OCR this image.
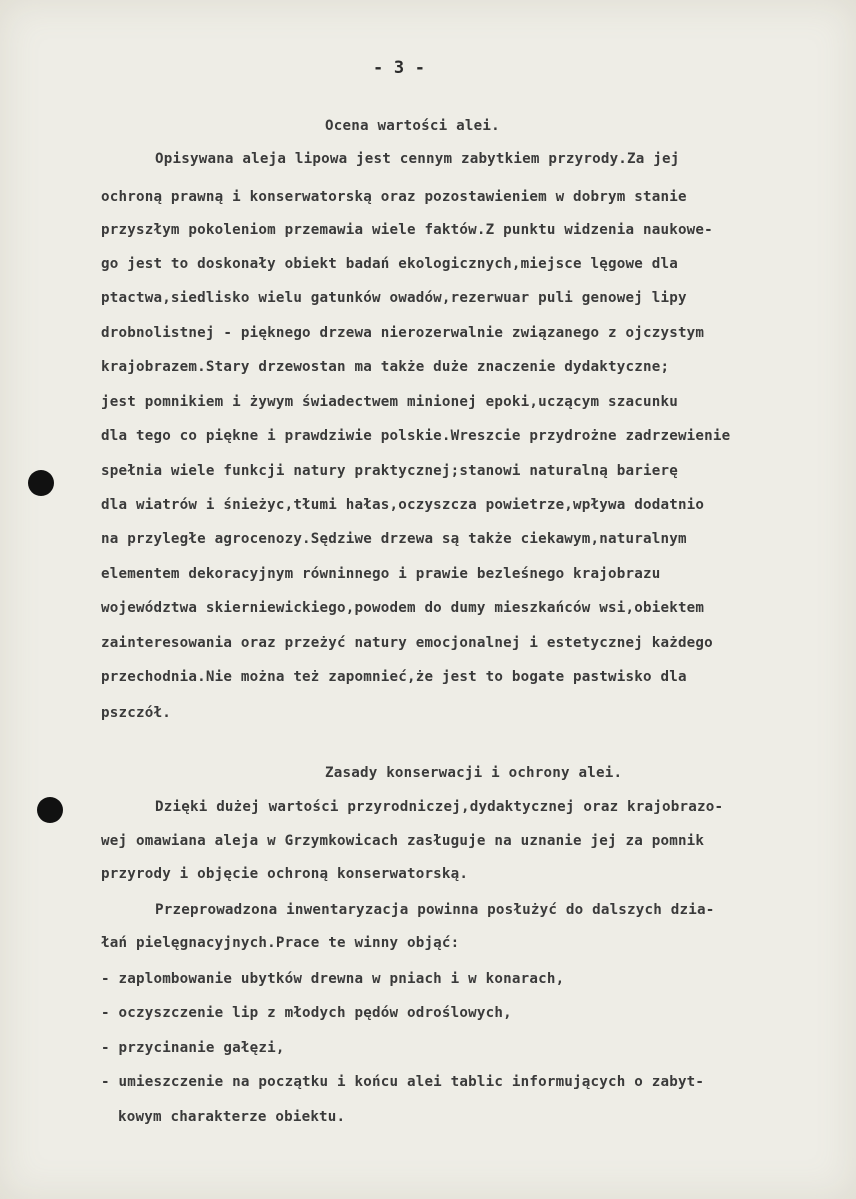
- 3 -
Ocena wartości alei.
Opisywana aleja lipowa jest cennym zabytkiem przyrody.Za jej
ochroną prawną i konserwatorską oraz pozostawieniem w dobrym stanie
przyszłym pokoleniom przemawia wiele faktów.Z punktu widzenia naukowe-
go jest to doskonały obiekt badań ekologicznych,miejsce lęgowe dla
ptactwa,siedlisko wielu gatunków owadów,rezerwuar puli genowej lipy
drobnolistnej - pięknego drzewa nierozerwalnie związanego z ojczystym
krajobrazem.Stary drzewostan ma także duże znaczenie dydaktyczne;
jest pomnikiem i żywym świadectwem minionej epoki,uczącym szacunku
dla tego co piękne i prawdziwie polskie.Wreszcie przydrożne zadrzewienie
spełnia wiele funkcji natury praktycznej;stanowi naturalną barierę
dla wiatrów i śnieżyc,tłumi hałas,oczyszcza powietrze,wpływa dodatnio
na przyległe agrocenozy.Sędziwe drzewa są także ciekawym,naturalnym
elementem dekoracyjnym równinnego i prawie bezleśnego krajobrazu
województwa skierniewickiego,powodem do dumy mieszkańców wsi,obiektem
zainteresowania oraz przeżyć natury emocjonalnej i estetycznej każdego
przechodnia.Nie można też zapomnieć,że jest to bogate pastwisko dla
pszczół.
Zasady konserwacji i ochrony alei.
Dzięki dużej wartości przyrodniczej,dydaktycznej oraz krajobrazo-
wej omawiana aleja w Grzymkowicach zasługuje na uznanie jej za pomnik
przyrody i objęcie ochroną konserwatorską.
Przeprowadzona inwentaryzacja powinna posłużyć do dalszych dzia-
łań pielęgnacyjnych.Prace te winny objąć:
- zaplombowanie ubytków drewna w pniach i w konarach,
- oczyszczenie lip z młodych pędów odroślowych,
- przycinanie gałęzi,
- umieszczenie na początku i końcu alei tablic informujących o zabyt-
kowym charakterze obiektu.
